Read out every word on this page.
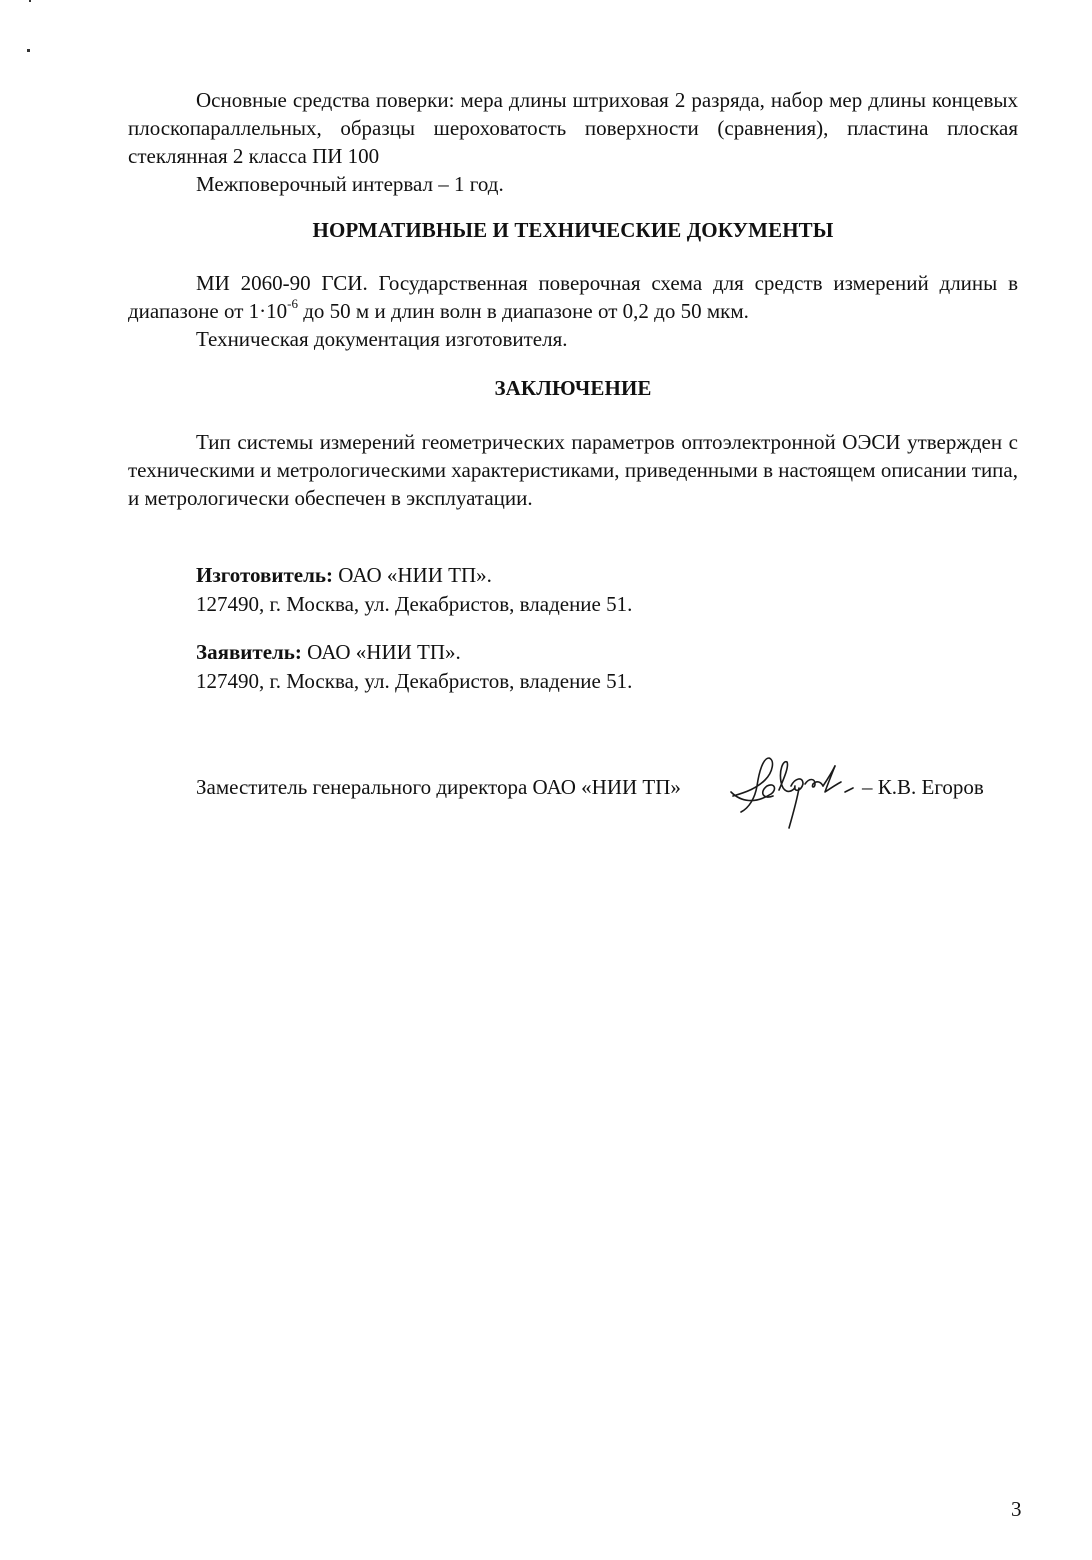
Основные средства поверки: мера длины штриховая 2 разряда, набор мер длины концевых плоскопараллельных, образцы шероховатость поверхности (сравнения), пластина плоская стеклянная 2 класса ПИ 100
Межповерочный интервал – 1 год.
НОРМАТИВНЫЕ И ТЕХНИЧЕСКИЕ ДОКУМЕНТЫ
МИ 2060-90 ГСИ. Государственная поверочная схема для средств измерений длины в диапазоне от $1\cdot 10^{-6}$ до 50 м и длин волн в диапазоне от 0,2 до 50 мкм.
Техническая документация изготовителя.
ЗАКЛЮЧЕНИЕ
Тип системы измерений геометрических параметров оптоэлектронной ОЭСИ утвержден с техническими и метрологическими характеристиками, приведенными в настоящем описании типа, и метрологически обеспечен в эксплуатации.
Изготовитель: ОАО «НИИ ТП».
127490, г. Москва, ул. Декабристов, владение 51.
Заявитель: ОАО «НИИ ТП».
127490, г. Москва, ул. Декабристов, владение 51.
Заместитель генерального директора ОАО «НИИ ТП»	– К.В. Егоров
3
